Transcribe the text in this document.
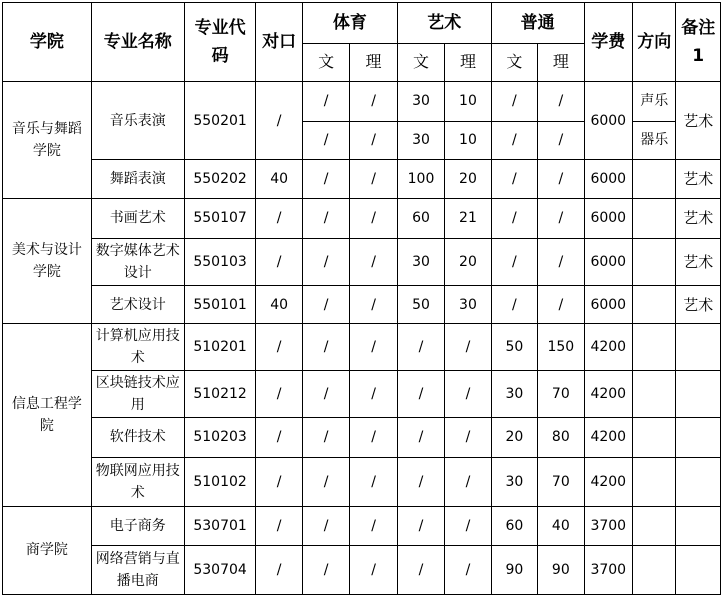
学院	专业名称	专业代码	对口	体育		艺术		普通		学费	方向	备注1
				文	理	文	理	文	理			
音乐与舞蹈学院	音乐表演	550201	/	/	/	30	10	/	/	6000	声乐	艺术
				/	/	30	10	/	/		器乐	
	舞蹈表演	550202	40	/	/	100	20	/	/	6000		艺术
美术与设计学院	书画艺术	550107	/	/	/	60	21	/	/	6000		艺术
	数字媒体艺术设计	550103	/	/	/	30	20	/	/	6000		艺术
	艺术设计	550101	40	/	/	50	30	/	/	6000		艺术
信息工程学院	计算机应用技术	510201	/	/	/	/	/	50	150	4200		
	区块链技术应用	510212	/	/	/	/	/	30	70	4200		
	软件技术	510203	/	/	/	/	/	20	80	4200		
	物联网应用技术	510102	/	/	/	/	/	30	70	4200		
商学院	电子商务	530701	/	/	/	/	/	60	40	3700		
	网络营销与直播电商	530704	/	/	/	/	/	90	90	3700		
